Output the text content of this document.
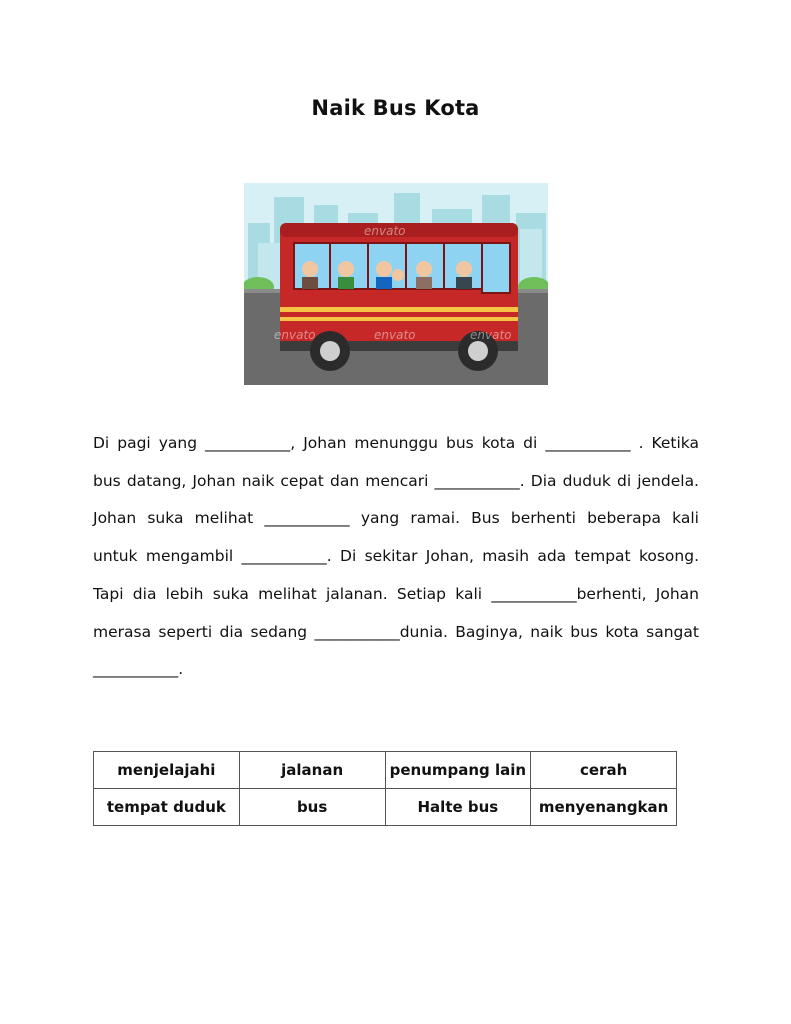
Naik Bus Kota
envato	envato	envato
envato
Di pagi yang ___________, Johan menunggu bus kota di ___________ . Ketika bus datang, Johan naik cepat dan mencari ___________. Dia duduk di jendela. Johan suka melihat ___________ yang ramai. Bus berhenti beberapa kali untuk mengambil ___________. Di sekitar Johan, masih ada tempat kosong. Tapi dia lebih suka melihat jalanan. Setiap kali ___________berhenti, Johan merasa seperti dia sedang ___________dunia. Baginya, naik bus kota sangat ___________.
menjelajahi	jalanan	penumpang lain	cerah
tempat duduk	bus	Halte bus	menyenangkan
